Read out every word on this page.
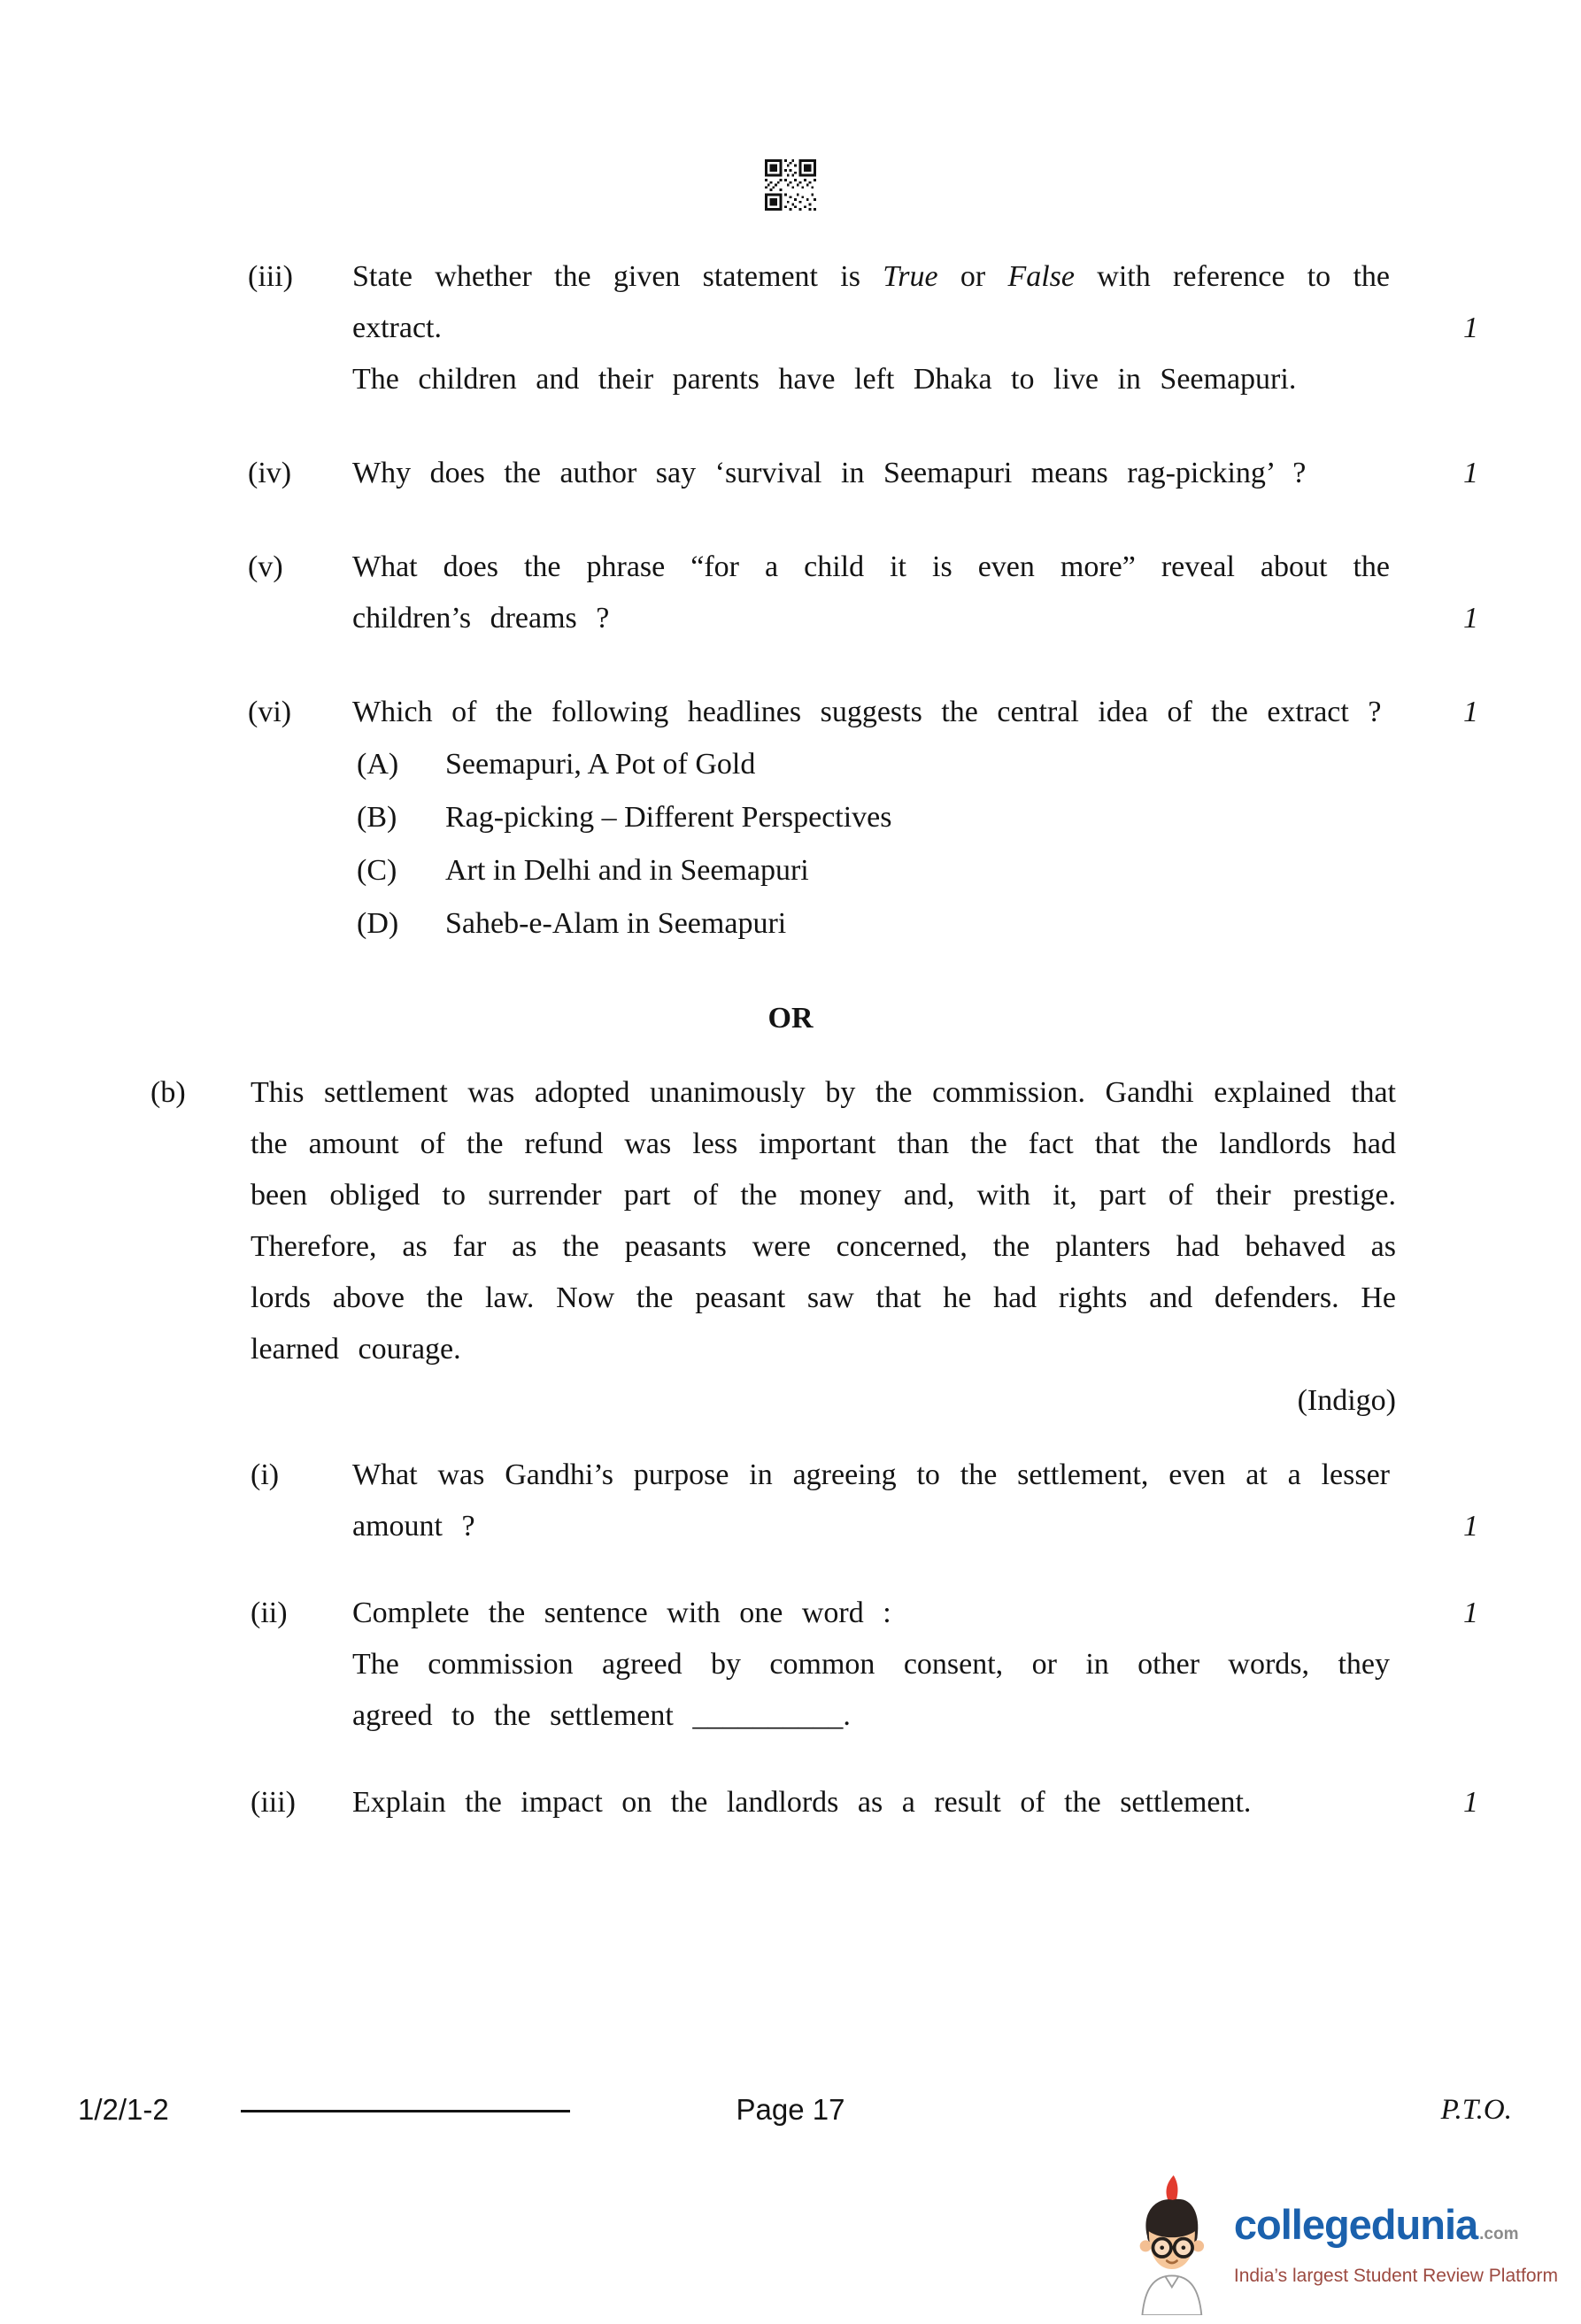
(iii)	State whether the given statement is True or False with reference to the extract.	1
The children and their parents have left Dhaka to live in Seemapuri.
(iv)	Why does the author say ‘survival in Seemapuri means rag-picking’ ?	1
(v)	What does the phrase “for a child it is even more” reveal about the children’s dreams ?	1
(vi)	Which of the following headlines suggests the central idea of the extract ?	1
(A)	Seemapuri, A Pot of Gold
(B)	Rag-picking – Different Perspectives
(C)	Art in Delhi and in Seemapuri
(D)	Saheb-e-Alam in Seemapuri
OR
(b)	This settlement was adopted unanimously by the commission. Gandhi explained that the amount of the refund was less important than the fact that the landlords had been obliged to surrender part of the money and, with it, part of their prestige. Therefore, as far as the peasants were concerned, the planters had behaved as lords above the law. Now the peasant saw that he had rights and defenders. He learned courage.
(Indigo)
(i)	What was Gandhi’s purpose in agreeing to the settlement, even at a lesser amount ?	1
(ii)	Complete the sentence with one word :	1
The commission agreed by common consent, or in other words, they agreed to the settlement __________.
(iii)	Explain the impact on the landlords as a result of the settlement.	1
1/2/1-2	Page 17	P.T.O.
collegedunia .com
India’s largest Student Review Platform
